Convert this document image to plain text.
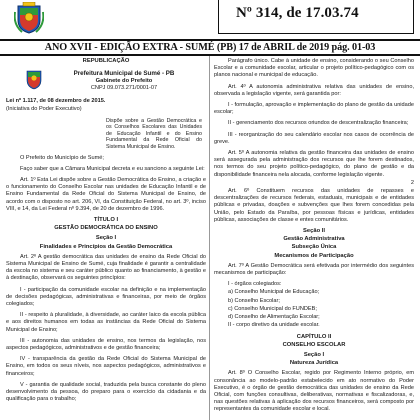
Nº 314, de 17.03.74
ANO XVII - EDIÇÃO EXTRA - SUMÉ (PB) 17 de ABRIL de 2019 pág. 01-03
REPUBLICAÇÃO
Prefeitura Municipal de Sumé - PB
Gabinete do Prefeito
CNPJ 09.073.271/0001-07
Lei nº 1.117, de 08 dezembro de 2015.
(Iniciativa do Poder Executivo)
Dispõe sobre a Gestão Democrática e os Conselhos Escolares das Unidades de Educação Infantil e do Ensino Fundamental da Rede Oficial do Sistema Municipal de Ensino.
O Prefeito do Município de Sumé;
Faço saber que a Câmara Municipal decreta e eu sanciono a seguinte Lei:
Art. 1º Esta Lei dispõe sobre a Gestão Democrática do Ensino, a criação e o funcionamento do Conselho Escolar nas unidades de Educação Infantil e de Ensino Fundamental da Rede Oficial do Sistema Municipal de Ensino, de acordo com o disposto no art. 206, VI, da Constituição Federal, no art. 3º, inciso VIII, e 14, da Lei Federal nº 9.394, de 20 de dezembro de 1996.
TÍTULO I
GESTÃO DEMOCRÁTICA DO ENSINO
Seção I
Finalidades e Princípios da Gestão Democrática
Art. 2º A gestão democrática das unidades de ensino da Rede Oficial do Sistema Municipal de Ensino de Sumé, cuja finalidade é garantir a centralidade da escola no sistema e seu caráter público quanto ao financiamento, à gestão e à destinação, observará os seguintes princípios:
I - participação da comunidade escolar na definição e na implementação de decisões pedagógicas, administrativas e financeiras, por meio de órgãos colegiados;
II - respeito à pluralidade, à diversidade, ao caráter laico da escola pública e aos direitos humanos em todas as instâncias da Rede Oficial do Sistema Municipal de Ensino;
III - autonomia das unidades de ensino, nos termos da legislação, nos aspectos pedagógicos, administrativos e de gestão financeira;
IV - transparência da gestão da Rede Oficial do Sistema Municipal de Ensino, em todos os seus níveis, nos aspectos pedagógicos, administrativos e financeiros;
V - garantia de qualidade social, traduzida pela busca constante do pleno desenvolvimento da pessoa, do preparo para o exercício da cidadania e da qualificação para o trabalho;
Parágrafo único. Cabe à unidade de ensino, considerando o seu Conselho Escolar e a comunidade escolar, articular o projeto político-pedagógico com os planos nacional e municipal de educação.
Art. 4º A autonomia administrativa relativa das unidades de ensino, observada a legislação vigente, será garantida por:
I - formulação, aprovação e implementação do plano de gestão da unidade escolar;
II - gerenciamento dos recursos oriundos de descentralização financeira;
III - reorganização do seu calendário escolar nos casos de ocorrência de greve.
Art. 5º A autonomia relativa da gestão financeira das unidades de ensino será assegurada pela administração dos recursos que lhe forem destinados, nos termos do seu projeto político-pedagógico, do plano de gestão e da disponibilidade financeira nela alocada, conforme legislação vigente.
2
Art. 6º Constituem recursos das unidades de repasses e descentralizações de recursos federais, estaduais, municipais e de entidades públicas e privadas, doações e subvenções que lhes forem concedidas pela União, pelo Estado da Paraíba, por pessoas físicas e jurídicas, entidades públicas, associações de classe e entes comunitários.
Seção II
Gestão Administrativa
Subseção Única
Mecanismos de Participação
Art. 7º A Gestão Democrática será efetivada por intermédio dos seguintes mecanismos de participação:
I - órgãos colegiados:
a) Conselho Municipal de Educação;
b) Conselho Escolar;
c) Conselho Municipal do FUNDEB;
d) Conselho de Alimentação Escolar;
II - corpo diretivo da unidade escolar.
CAPÍTULO II
CONSELHO ESCOLAR
Seção I
Natureza Jurídica
Art. 8º O Conselho Escolar, regido por Regimento Interno próprio, em consonância ao modelo-padrão estabelecido em ato normativo do Poder Executivo, é o órgão de gestão democrática das unidades de ensino da Rede Oficial, com funções consultivas, deliberativas, normativas e fiscalizadoras, e, nas questões relativas à aplicação dos recursos financeiros, será composto por representantes da comunidade escolar e local.
